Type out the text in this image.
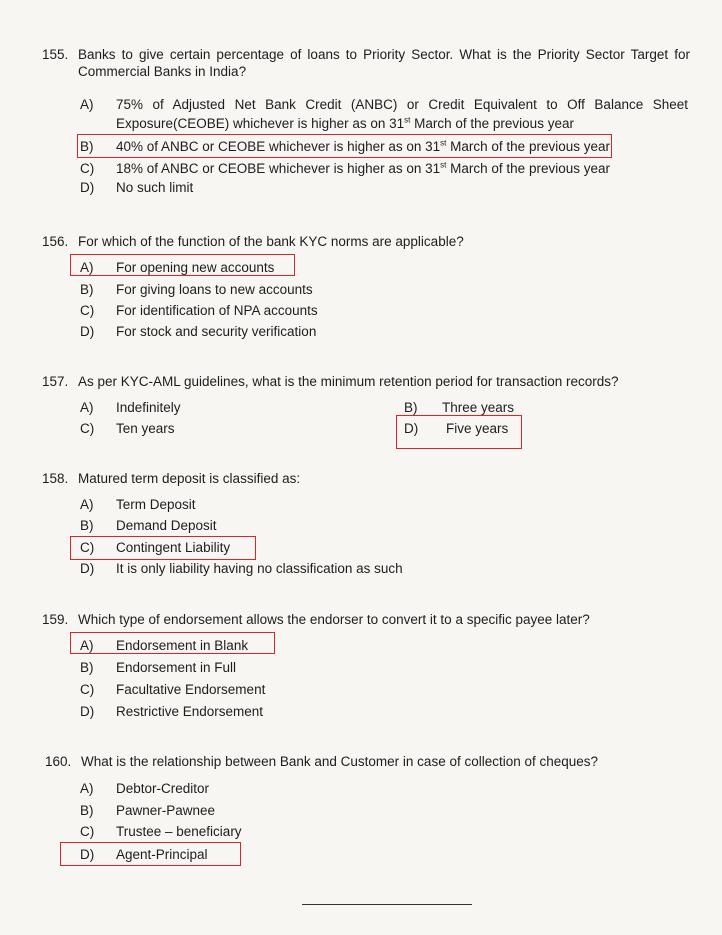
155. Banks to give certain percentage of loans to Priority Sector. What is the Priority Sector Target for
Commercial Banks in India?
A) 75% of Adjusted Net Bank Credit (ANBC) or Credit Equivalent to Off Balance Sheet
Exposure(CEOBE) whichever is higher as on 31st March of the previous year
B) 40% of ANBC or CEOBE whichever is higher as on 31st March of the previous year
C) 18% of ANBC or CEOBE whichever is higher as on 31st March of the previous year
D) No such limit
156. For which of the function of the bank KYC norms are applicable?
A) For opening new accounts
B) For giving loans to new accounts
C) For identification of NPA accounts
D) For stock and security verification
157. As per KYC-AML guidelines, what is the minimum retention period for transaction records?
A) Indefinitely	B) Three years
C) Ten years	D) Five years
158. Matured term deposit is classified as:
A) Term Deposit
B) Demand Deposit
C) Contingent Liability
D) It is only liability having no classification as such
159. Which type of endorsement allows the endorser to convert it to a specific payee later?
A) Endorsement in Blank
B) Endorsement in Full
C) Facultative Endorsement
D) Restrictive Endorsement
160. What is the relationship between Bank and Customer in case of collection of cheques?
A) Debtor-Creditor
B) Pawner-Pawnee
C) Trustee – beneficiary
D) Agent-Principal
